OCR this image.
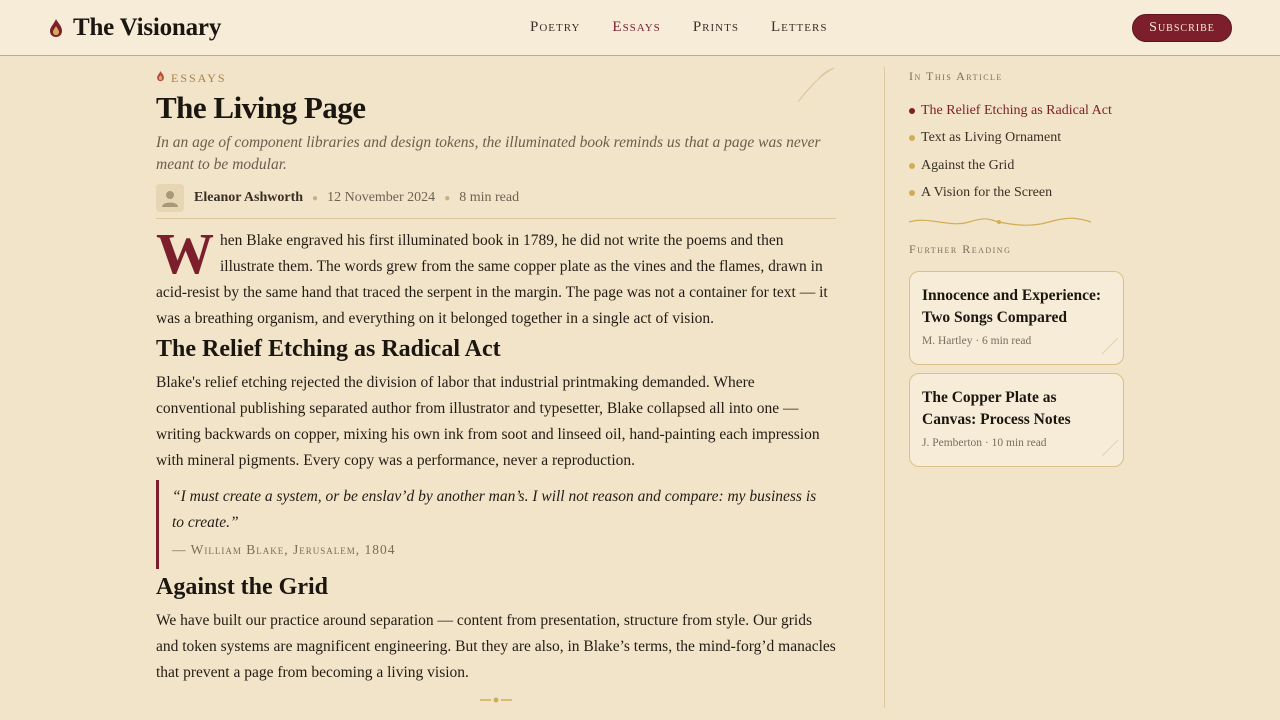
The Visionary	Poetry Essays Prints Letters	Subscribe
ESSAYS
The Living Page

In an age of component libraries and design tokens, the illuminated book reminds us that a page was never meant to be modular.

Eleanor Ashworth ● 12 November 2024 ● 8 min read

When Blake engraved his first illuminated book in 1789, he did not write the poems and then illustrate them. The words grew from the same copper plate as the vines and the flames, drawn in acid-resist by the same hand that traced the serpent in the margin. The page was not a container for text — it was a breathing organism, and everything on it belonged together in a single act of vision.

The Relief Etching as Radical Act

Blake's relief etching rejected the division of labor that industrial printmaking demanded. Where conventional publishing separated author from illustrator and typesetter, Blake collapsed all into one — writing backwards on copper, mixing his own ink from soot and linseed oil, hand-painting each impression with mineral pigments. Every copy was a performance, never a reproduction.

“I must create a system, or be enslav’d by another man’s. I will not reason and compare: my business is to create.”

— William Blake, Jerusalem, 1804

Against the Grid

We have built our practice around separation — content from presentation, structure from style. Our grids and token systems are magnificent engineering. But they are also, in Blake’s terms, the mind-forg’d manacles that prevent a page from becoming a living vision.

In This Article
The Relief Etching as Radical Act
Text as Living Ornament
Against the Grid
A Vision for the Screen
Further Reading
Innocence and Experience: Two Songs Compared
M. Hartley · 6 min read
The Copper Plate as Canvas: Process Notes
J. Pemberton · 10 min read
